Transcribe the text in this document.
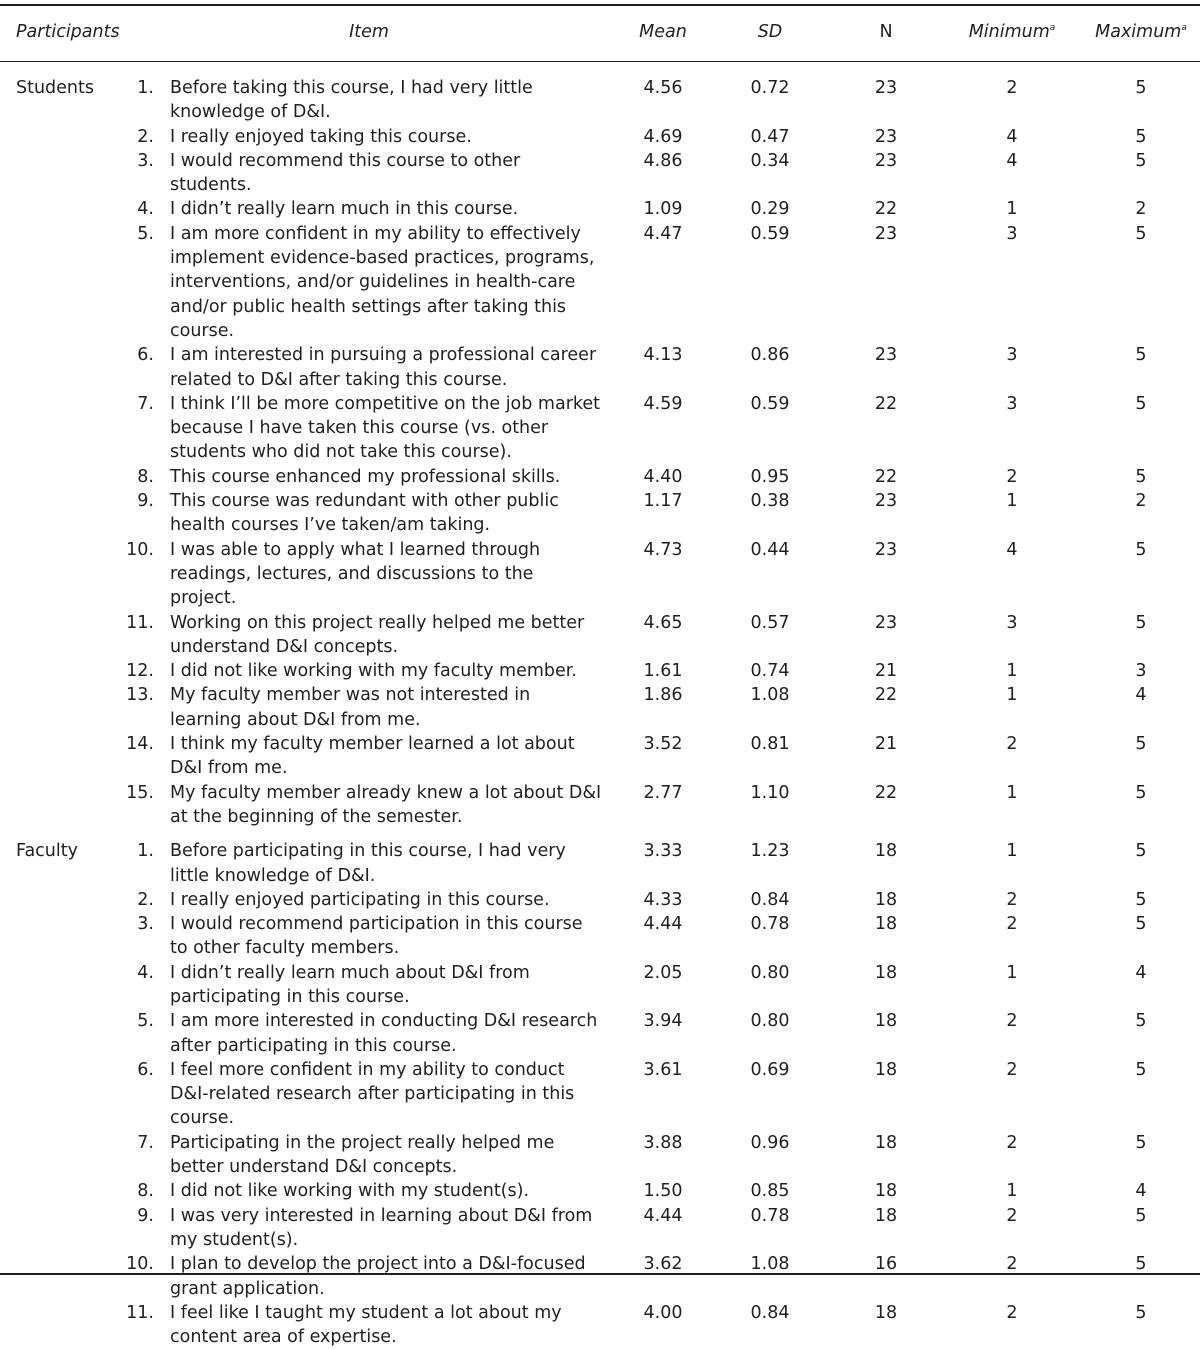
Participants	Item		Mean	SD	N	Minimum$^a$	Maximum$^a$
Students	1.	Before taking this course, I had very little knowledge of D&I.	4.56	0.72	23	2	5
	2.	I really enjoyed taking this course.	4.69	0.47	23	4	5
	3.	I would recommend this course to other students.	4.86	0.34	23	4	5
	4.	I didn’t really learn much in this course.	1.09	0.29	22	1	2
	5.	I am more confident in my ability to effectively implement evidence-based practices, programs, interventions, and/or guidelines in health-care and/or public health settings after taking this course.	4.47	0.59	23	3	5
	6.	I am interested in pursuing a professional career related to D&I after taking this course.	4.13	0.86	23	3	5
	7.	I think I’ll be more competitive on the job market because I have taken this course (vs. other students who did not take this course).	4.59	0.59	22	3	5
	8.	This course enhanced my professional skills.	4.40	0.95	22	2	5
	9.	This course was redundant with other public health courses I’ve taken/am taking.	1.17	0.38	23	1	2
	10.	I was able to apply what I learned through readings, lectures, and discussions to the project.	4.73	0.44	23	4	5
	11.	Working on this project really helped me better understand D&I concepts.	4.65	0.57	23	3	5
	12.	I did not like working with my faculty member.	1.61	0.74	21	1	3
	13.	My faculty member was not interested in learning about D&I from me.	1.86	1.08	22	1	4
	14.	I think my faculty member learned a lot about D&I from me.	3.52	0.81	21	2	5
	15.	My faculty member already knew a lot about D&I at the beginning of the semester.	2.77	1.10	22	1	5
Faculty	1.	Before participating in this course, I had very little knowledge of D&I.	3.33	1.23	18	1	5
	2.	I really enjoyed participating in this course.	4.33	0.84	18	2	5
	3.	I would recommend participation in this course to other faculty members.	4.44	0.78	18	2	5
	4.	I didn’t really learn much about D&I from participating in this course.	2.05	0.80	18	1	4
	5.	I am more interested in conducting D&I research after participating in this course.	3.94	0.80	18	2	5
	6.	I feel more confident in my ability to conduct D&I-related research after participating in this course.	3.61	0.69	18	2	5
	7.	Participating in the project really helped me better understand D&I concepts.	3.88	0.96	18	2	5
	8.	I did not like working with my student(s).	1.50	0.85	18	1	4
	9.	I was very interested in learning about D&I from my student(s).	4.44	0.78	18	2	5
	10.	I plan to develop the project into a D&I-focused grant application.	3.62	1.08	16	2	5
	11.	I feel like I taught my student a lot about my content area of expertise.	4.00	0.84	18	2	5
